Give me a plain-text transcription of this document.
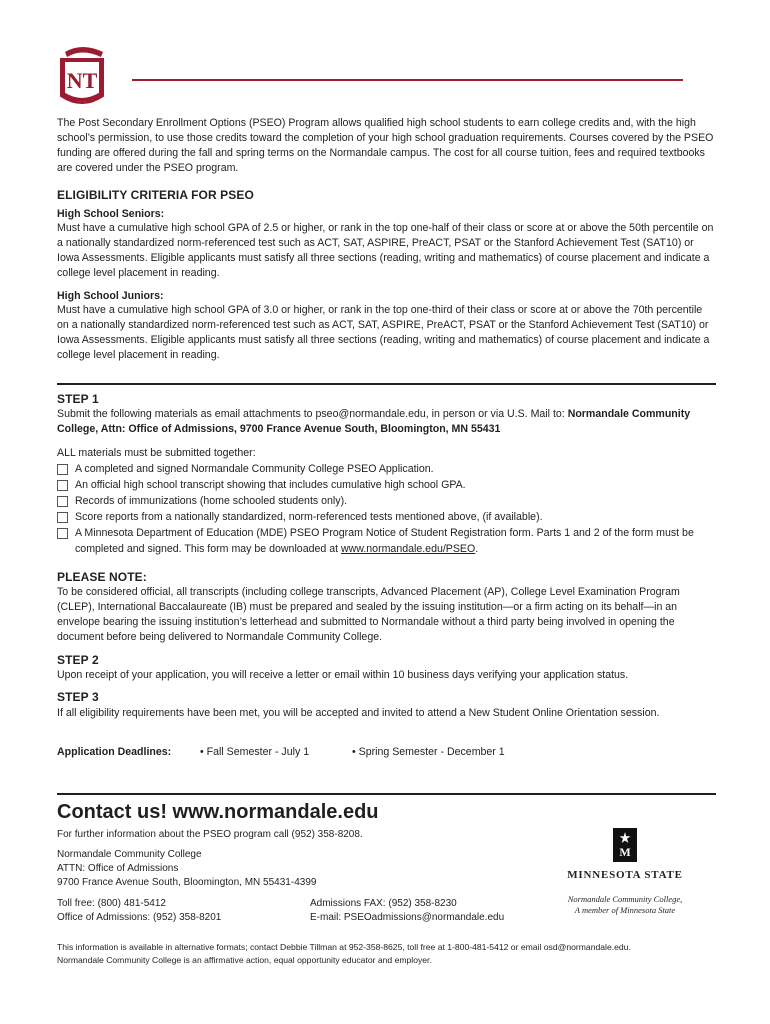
NT

The Post Secondary Enrollment Options (PSEO) Program allows qualified high school students to earn college credits and, with the high school’s permission, to use those credits toward the completion of your high school graduation requirements. Courses covered by the PSEO funding are offered during the fall and spring terms on the Normandale campus. The cost for all course tuition, fees and required textbooks are covered under the PSEO program.

ELIGIBILITY CRITERIA FOR PSEO

High School Seniors:

Must have a cumulative high school GPA of 2.5 or higher, or rank in the top one-half of their class or score at or above the 50th percentile on a nationally standardized norm-referenced test such as ACT, SAT, ASPIRE, PreACT, PSAT or the Stanford Achievement Test (SAT10) or Iowa Assessments. Eligible applicants must satisfy all three sections (reading, writing and mathematics) of course placement and indicate a college level placement in reading.

High School Juniors:

Must have a cumulative high school GPA of 3.0 or higher, or rank in the top one-third of their class or score at or above the 70th percentile on a nationally standardized norm-referenced test such as ACT, SAT, ASPIRE, PreACT, PSAT or the Stanford Achievement Test (SAT10) or Iowa Assessments. Eligible applicants must satisfy all three sections (reading, writing and mathematics) of course placement and indicate a college level placement in reading.

STEP 1

Submit the following materials as email attachments to pseo@normandale.edu, in person or via U.S. Mail to: Normandale Community College, Attn: Office of Admissions, 9700 France Avenue South, Bloomington, MN 55431

ALL materials must be submitted together:

A completed and signed Normandale Community College PSEO Application.
An official high school transcript showing that includes cumulative high school GPA.
Records of immunizations (home schooled students only).
Score reports from a nationally standardized, norm-referenced tests mentioned above, (if available).
A Minnesota Department of Education (MDE) PSEO Program Notice of Student Registration form. Parts 1 and 2 of the form must be completed and signed. This form may be downloaded at www.normandale.edu/PSEO.

PLEASE NOTE:

To be considered official, all transcripts (including college transcripts, Advanced Placement (AP), College Level Examination Program (CLEP), International Baccalaureate (IB) must be prepared and sealed by the issuing institution—or a firm acting on its behalf—in an envelope bearing the issuing institution’s letterhead and submitted to Normandale without a third party being involved in opening the document before being delivered to Normandale Community College.

STEP 2

Upon receipt of your application, you will receive a letter or email within 10 business days verifying your application status.

STEP 3

If all eligibility requirements have been met, you will be accepted and invited to attend a New Student Online Orientation session.

Application Deadlines:	• Fall Semester - July 1	• Spring Semester - December 1

Contact us! www.normandale.edu

For further information about the PSEO program call (952) 358-8208.

Normandale Community College
ATTN: Office of Admissions
9700 France Avenue South, Bloomington, MN 55431-4399
Toll free: (800) 481-5412
Office of Admissions: (952) 358-8201
Admissions FAX: (952) 358-8230
E-mail: PSEOadmissions@normandale.edu
M

MINNESOTA STATE

Normandale Community College,
A member of Minnesota State
This information is available in alternative formats; contact Debbie Tillman at 952-358-8625, toll free at 1-800-481-5412 or email osd@normandale.edu.
Normandale Community College is an affirmative action, equal opportunity educator and employer.
